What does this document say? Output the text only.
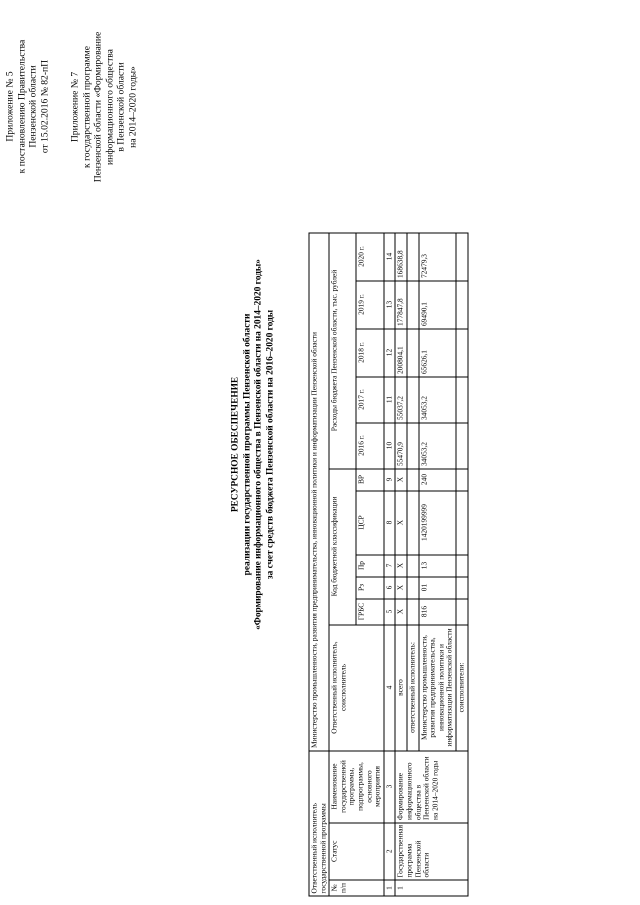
Приложение № 5 к постановлению Правительства Пензенской области от 15.02.2016 № 82-пП Приложение № 7 к государственной программе Пензенской области «Формирование информационного общества в Пензенской области на 2014–2020 годы»
РЕСУРСНОЕ ОБЕСПЕЧЕНИЕ реализации государственной программы Пензенской области «Формирование информационного общества в Пензенской области на 2014–2020 годы» за счет средств бюджета Пензенской области на 2016–2020 годы
Ответственный исполнитель государственной программы			Министерство промышленности, развития предпринимательства, инновационной политики и информатизации Пензенской области										
№ п/п	Статус	Наименование государственной программы, подпрограммы, основного мероприятия	Ответственный исполнитель, соисполнитель	Код бюджетной классификации					Расходы бюджета Пензенской области, тыс. рублей				
				ГРБС	Рз	Пр	ЦСР	ВР	2016 г.	2017 г.	2018 г.	2019 г.	2020 г.
1	2	3	4	5	6	7	8	9	10	11	12	13	14
1	Государственная программа Пензенской области	Формирование информационного общества в Пензенской области на 2014–2020 годы	всего	X	X	X	X	X	55470,9	55037,2	200804,1	177847,8	168638,8
			ответственный исполнитель:										
			Министерство промышленности, развития предпринимательства, инновационной политики и информатизации Пензенской области	816	01	13	1420199999	240	34053,2	34053,2	65626,1	69490,1	72479,3
			соисполнители:										
